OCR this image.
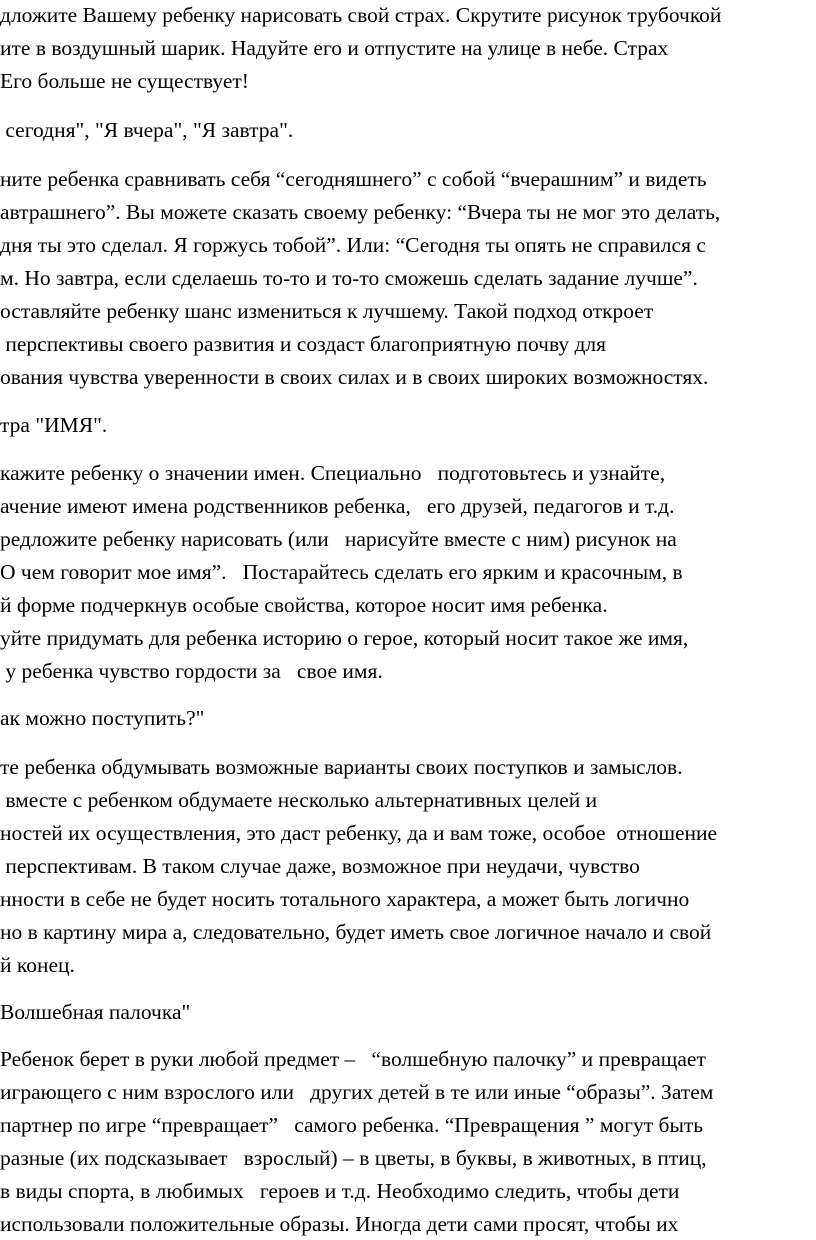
дложите Вашему ребенку нарисовать свой страх. Скрутите рисунок трубочкой
ите в воздушный шарик. Надуйте его и отпустите на улице в небе. Страх
Его больше не существует!
сегодня", "Я вчера", "Я завтра".
ните ребенка сравнивать себя “сегодняшнего” с собой “вчерашним” и видеть
автрашнего”. Вы можете сказать своему ребенку: “Вчера ты не мог это делать,
дня ты это сделал. Я горжусь тобой”. Или: “Сегодня ты опять не справился с
м. Но завтра, если сделаешь то-то и то-то сможешь сделать задание лучше”.
оставляйте ребенку шанс измениться к лучшему. Такой подход откроет
перспективы своего развития и создаст благоприятную почву для
ования чувства уверенности в своих силах и в своих широких возможностях.
тра "ИМЯ".
кажите ребенку о значении имен. Специально   подготовьтесь и узнайте,
ачение имеют имена родственников ребенка,   его друзей, педагогов и т.д.
редложите ребенку нарисовать (или   нарисуйте вместе с ним) рисунок на
О чем говорит мое имя”.   Постарайтесь сделать его ярким и красочным, в
й форме подчеркнув особые свойства, которое носит имя ребенка.
уйте придумать для ребенка историю о герое, который носит такое же имя,
у ребенка чувство гордости за   свое имя.
ак можно поступить?"
те ребенка обдумывать возможные варианты своих поступков и замыслов.
вместе с ребенком обдумаете несколько альтернативных целей и
ностей их осуществления, это даст ребенку, да и вам тоже, особое  отношение
перспективам. В таком случае даже, возможное при неудачи, чувство
нности в себе не будет носить тотального характера, а может быть логично
но в картину мира а, следовательно, будет иметь свое логичное начало и свой
й конец.
Волшебная палочка"
Ребенок берет в руки любой предмет –   “волшебную палочку” и превращает
играющего с ним взрослого или   других детей в те или иные “образы”. Затем
партнер по игре “превращает”   самого ребенка. “Превращения ” могут быть
разные (их подсказывает   взрослый) – в цветы, в буквы, в животных, в птиц,
в виды спорта, в любимых   героев и т.д. Необходимо следить, чтобы дети
использовали положительные образы. Иногда дети сами просят, чтобы их
